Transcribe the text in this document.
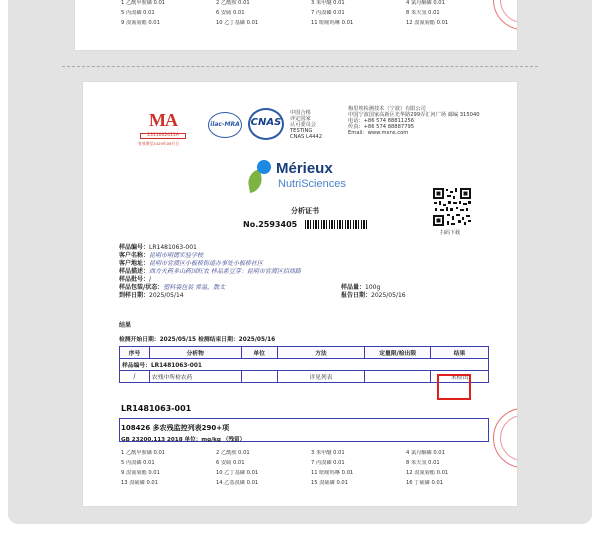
1 乙酰甲胺磷 0.01	2 乙酰胺 0.01	3 苯甲醚 0.01	4 氯丹酮磷 0.01
5 丙溴磷 0.01	6 安硫 0.01	7 丙溴磷 0.01	8 苯夫氢 0.01
9 溴氰菊酯 0.01	10 乙丁基磷 0.01	11 吡嘧吗啉 0.01	12 溴氰菊酯 0.01
MA
2311002411A
有效期至2029年06月日
ilac-MRA CNAS
中国合格
评定国家
认可委员会
TESTING
CNAS L4442
梅里埃检测技术（宁波）有限公司
中国宁波国家高新区光华路299弄汇河广场 邮编 315040
电话：+86 574 88811256
传真：+86 574 88887795
Email：www.mxns.com
Mérieux
NutriSciences
扫码下载
分析证书
No.2593405
样品编号：LR1481063-001
客户名称：昆明市明德实验学校
客户地址：昆明市官渡区小板桥街道办事处小板桥社区
样品描述：西方火药多山药国旺农 样品系豆芽：昆明市官渡区招商路
样品批号：/
样品包装/状态：塑料袋包装 常温，散太	样品量：100g
到样日期：2025/05/14	报告日期：2025/05/16
结果
检测开始日期：2025/05/15 检测结束日期：2025/05/16
序号	分析物	单位	方法	定量限/检出限	结果
样品编号：LR1481063-001					
/	农残中所检农药		详见列表		未检出
LR1481063-001
108426 多农残监控列表290+项
GB 23200.113 2018 单位：mg/kg （残留）
1 乙酰甲胺磷 0.01	2 乙酰胺 0.01	3 苯甲醚 0.01	4 氯丹酮磷 0.01
5 丙溴磷 0.01	6 安硫 0.01	7 丙溴磷 0.01	8 苯夫氢 0.01
9 溴氰菊酯 0.01	10 乙丁基磷 0.01	11 吡嘧吗啉 0.01	12 溴氰菊酯 0.01
13 溴硫磷 0.01	14 乙基溴磷 0.01	15 溴硫磷 0.01	16 丁硫磷 0.01
